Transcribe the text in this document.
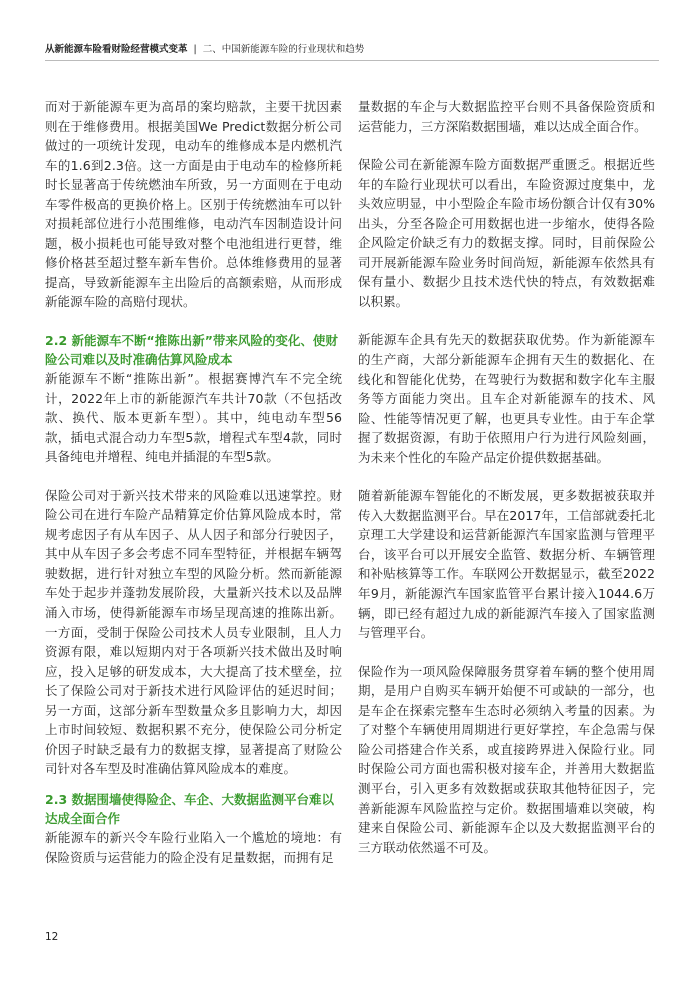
从新能源车险看财险经营模式变革 | 二、中国新能源车险的行业现状和趋势

而对于新能源车更为高昂的案均赔款，主要干扰因素则在于维修费用。根据美国We Predict数据分析公司做过的一项统计发现，电动车的维修成本是内燃机汽车的1.6到2.3倍。这一方面是由于电动车的检修所耗时长显著高于传统燃油车所致，另一方面则在于电动车零件极高的更换价格上。区别于传统燃油车可以针对损耗部位进行小范围维修，电动汽车因制造设计问题，极小损耗也可能导致对整个电池组进行更替，维修价格甚至超过整车新车售价。总体维修费用的显著提高，导致新能源车主出险后的高额索赔，从而形成新能源车险的高赔付现状。

2.2 新能源车不断“推陈出新”带来风险的变化、使财险公司难以及时准确估算风险成本

新能源车不断“推陈出新”。根据赛博汽车不完全统计，2022年上市的新能源汽车共计70款（不包括改款、换代、版本更新车型）。其中，纯电动车型56款，插电式混合动力车型5款，增程式车型4款，同时具备纯电并增程、纯电并插混的车型5款。

保险公司对于新兴技术带来的风险难以迅速掌控。财险公司在进行车险产品精算定价估算风险成本时，常规考虑因子有从车因子、从人因子和部分行驶因子，其中从车因子多会考虑不同车型特征，并根据车辆驾驶数据，进行针对独立车型的风险分析。然而新能源车处于起步并蓬勃发展阶段，大量新兴技术以及品牌涌入市场，使得新能源车市场呈现高速的推陈出新。一方面，受制于保险公司技术人员专业限制，且人力资源有限，难以短期内对于各项新兴技术做出及时响应，投入足够的研发成本，大大提高了技术壁垒，拉长了保险公司对于新技术进行风险评估的延迟时间；另一方面，这部分新车型数量众多且影响力大，却因上市时间较短、数据积累不充分，使保险公司分析定价因子时缺乏最有力的数据支撑，显著提高了财险公司针对各车型及时准确估算风险成本的难度。

2.3 数据围墙使得险企、车企、大数据监测平台难以达成全面合作

新能源车的新兴令车险行业陷入一个尴尬的境地：有保险资质与运营能力的险企没有足量数据，而拥有足

量数据的车企与大数据监控平台则不具备保险资质和运营能力，三方深陷数据围墙，难以达成全面合作。

保险公司在新能源车险方面数据严重匮乏。根据近些年的车险行业现状可以看出，车险资源过度集中，龙头效应明显，中小型险企车险市场份额合计仅有30%出头，分至各险企可用数据也进一步缩水，使得各险企风险定价缺乏有力的数据支撑。同时，目前保险公司开展新能源车险业务时间尚短，新能源车依然具有保有量小、数据少且技术迭代快的特点，有效数据难以积累。

新能源车企具有先天的数据获取优势。作为新能源车的生产商，大部分新能源车企拥有天生的数据化、在线化和智能化优势，在驾驶行为数据和数字化车主服务等方面能力突出。且车企对新能源车的技术、风险、性能等情况更了解，也更具专业性。由于车企掌握了数据资源，有助于依照用户行为进行风险刻画，为未来个性化的车险产品定价提供数据基础。

随着新能源车智能化的不断发展，更多数据被获取并传入大数据监测平台。早在2017年，工信部就委托北京理工大学建设和运营新能源汽车国家监测与管理平台，该平台可以开展安全监管、数据分析、车辆管理和补贴核算等工作。车联网公开数据显示，截至2022年9月，新能源汽车国家监管平台累计接入1044.6万辆，即已经有超过九成的新能源汽车接入了国家监测与管理平台。

保险作为一项风险保障服务贯穿着车辆的整个使用周期，是用户自购买车辆开始便不可或缺的一部分，也是车企在探索完整车生态时必须纳入考量的因素。为了对整个车辆使用周期进行更好掌控，车企急需与保险公司搭建合作关系，或直接跨界进入保险行业。同时保险公司方面也需积极对接车企，并善用大数据监测平台，引入更多有效数据或获取其他特征因子，完善新能源车风险监控与定价。数据围墙难以突破，构建来自保险公司、新能源车企以及大数据监测平台的三方联动依然遥不可及。

12
